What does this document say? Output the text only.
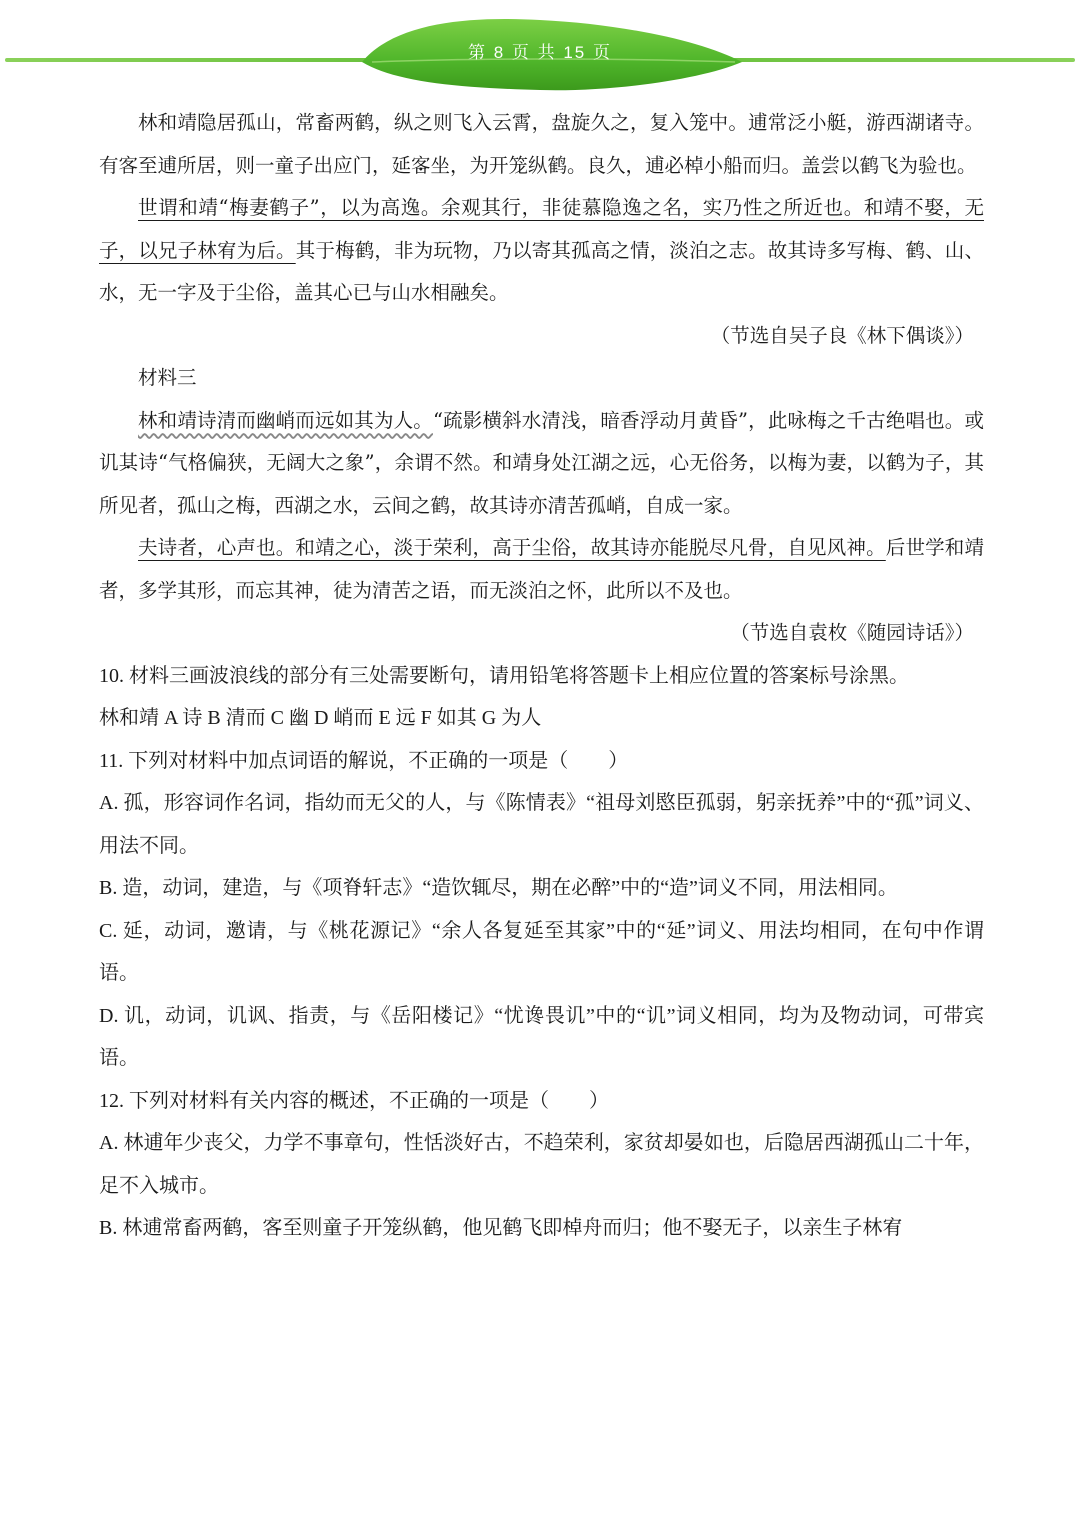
第 8 页 共 15 页

林和靖隐居孤山，常畜两鹤，纵之则飞入云霄，盘旋久之，复入笼中。逋常泛小艇，游西湖诸寺。有客至逋所居，则一童子出应门，延客坐，为开笼纵鹤。良久，逋必棹小船而归。盖尝以鹤飞为验也。

世谓和靖“梅妻鹤子”，以为高逸。余观其行，非徒慕隐逸之名，实乃性之所近也。和靖不娶，无子，以兄子林宥为后。其于梅鹤，非为玩物，乃以寄其孤高之情，淡泊之志。故其诗多写梅、鹤、山、水，无一字及于尘俗，盖其心已与山水相融矣。

（节选自吴子良《林下偶谈》）

材料三

林和靖诗清而幽峭而远如其为人。“疏影横斜水清浅，暗香浮动月黄昏”，此咏梅之千古绝唱也。或讥其诗“气格偏狭，无阔大之象”，余谓不然。和靖身处江湖之远，心无俗务，以梅为妻，以鹤为子，其所见者，孤山之梅，西湖之水，云间之鹤，故其诗亦清苦孤峭，自成一家。

夫诗者，心声也。和靖之心，淡于荣利，高于尘俗，故其诗亦能脱尽凡骨，自见风神。后世学和靖者，多学其形，而忘其神，徒为清苦之语，而无淡泊之怀，此所以不及也。

（节选自袁枚《随园诗话》）

10. 材料三画波浪线的部分有三处需要断句，请用铅笔将答题卡上相应位置的答案标号涂黑。

林和靖 A 诗 B 清而 C 幽 D 峭而 E 远 F 如其 G 为人

11. 下列对材料中加点词语的解说，不正确的一项是（　　）

A. 孤，形容词作名词，指幼而无父的人，与《陈情表》“祖母刘愍臣孤弱，躬亲抚养”中的“孤”词义、用法不同。

B. 造，动词，建造，与《项脊轩志》“造饮辄尽，期在必醉”中的“造”词义不同，用法相同。

C. 延，动词，邀请，与《桃花源记》“余人各复延至其家”中的“延”词义、用法均相同，在句中作谓语。

D. 讥，动词，讥讽、指责，与《岳阳楼记》“忧谗畏讥”中的“讥”词义相同，均为及物动词，可带宾语。

12. 下列对材料有关内容的概述，不正确的一项是（　　）

A. 林逋年少丧父，力学不事章句，性恬淡好古，不趋荣利，家贫却晏如也，后隐居西湖孤山二十年，足不入城市。

B. 林逋常畜两鹤，客至则童子开笼纵鹤，他见鹤飞即棹舟而归；他不娶无子，以亲生子林宥
